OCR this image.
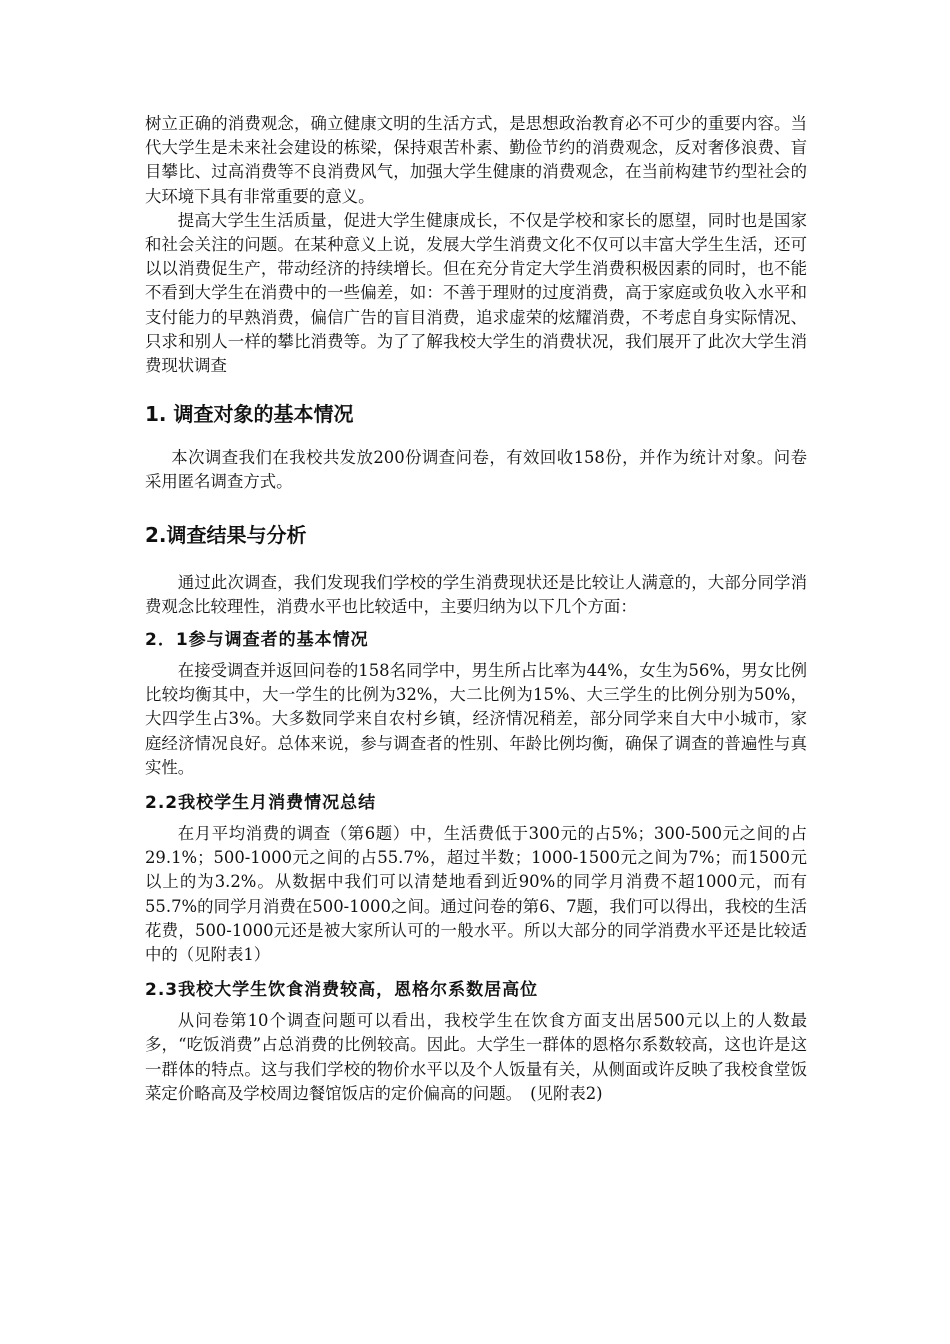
树立正确的消费观念，确立健康文明的生活方式，是思想政治教育必不可少的重要内容。当代大学生是未来社会建设的栋梁，保持艰苦朴素、勤俭节约的消费观念，反对奢侈浪费、盲目攀比、过高消费等不良消费风气，加强大学生健康的消费观念，在当前构建节约型社会的大环境下具有非常重要的意义。

提高大学生生活质量，促进大学生健康成长，不仅是学校和家长的愿望，同时也是国家和社会关注的问题。在某种意义上说，发展大学生消费文化不仅可以丰富大学生生活，还可以以消费促生产，带动经济的持续增长。但在充分肯定大学生消费积极因素的同时，也不能不看到大学生在消费中的一些偏差，如：不善于理财的过度消费，高于家庭或负收入水平和支付能力的早熟消费，偏信广告的盲目消费，追求虚荣的炫耀消费，不考虑自身实际情况、只求和别人一样的攀比消费等。为了了解我校大学生的消费状况，我们展开了此次大学生消费现状调查

1. 调查对象的基本情况

本次调查我们在我校共发放200份调查问卷，有效回收158份，并作为统计对象。问卷采用匿名调查方式。

2.调查结果与分析

通过此次调查，我们发现我们学校的学生消费现状还是比较让人满意的，大部分同学消费观念比较理性，消费水平也比较适中，主要归纳为以下几个方面：

2．1参与调查者的基本情况

在接受调查并返回问卷的158名同学中，男生所占比率为44%，女生为56%，男女比例比较均衡其中，大一学生的比例为32%，大二比例为15%、大三学生的比例分别为50%，大四学生占3%。大多数同学来自农村乡镇，经济情况稍差，部分同学来自大中小城市，家庭经济情况良好。总体来说，参与调查者的性别、年龄比例均衡，确保了调查的普遍性与真实性。

2.2我校学生月消费情况总结

在月平均消费的调查（第6题）中，生活费低于300元的占5%；300-500元之间的占29.1%；500-1000元之间的占55.7%，超过半数；1000-1500元之间为7%；而1500元以上的为3.2%。从数据中我们可以清楚地看到近90%的同学月消费不超1000元，而有55.7%的同学月消费在500-1000之间。通过问卷的第6、7题，我们可以得出，我校的生活花费，500-1000元还是被大家所认可的一般水平。所以大部分的同学消费水平还是比较适中的（见附表1）

2.3我校大学生饮食消费较高，恩格尔系数居高位

从问卷第10个调查问题可以看出，我校学生在饮食方面支出居500元以上的人数最多，“吃饭消费”占总消费的比例较高。因此。大学生一群体的恩格尔系数较高，这也许是这一群体的特点。这与我们学校的物价水平以及个人饭量有关，从侧面或许反映了我校食堂饭菜定价略高及学校周边餐馆饭店的定价偏高的问题。　(见附表2)
